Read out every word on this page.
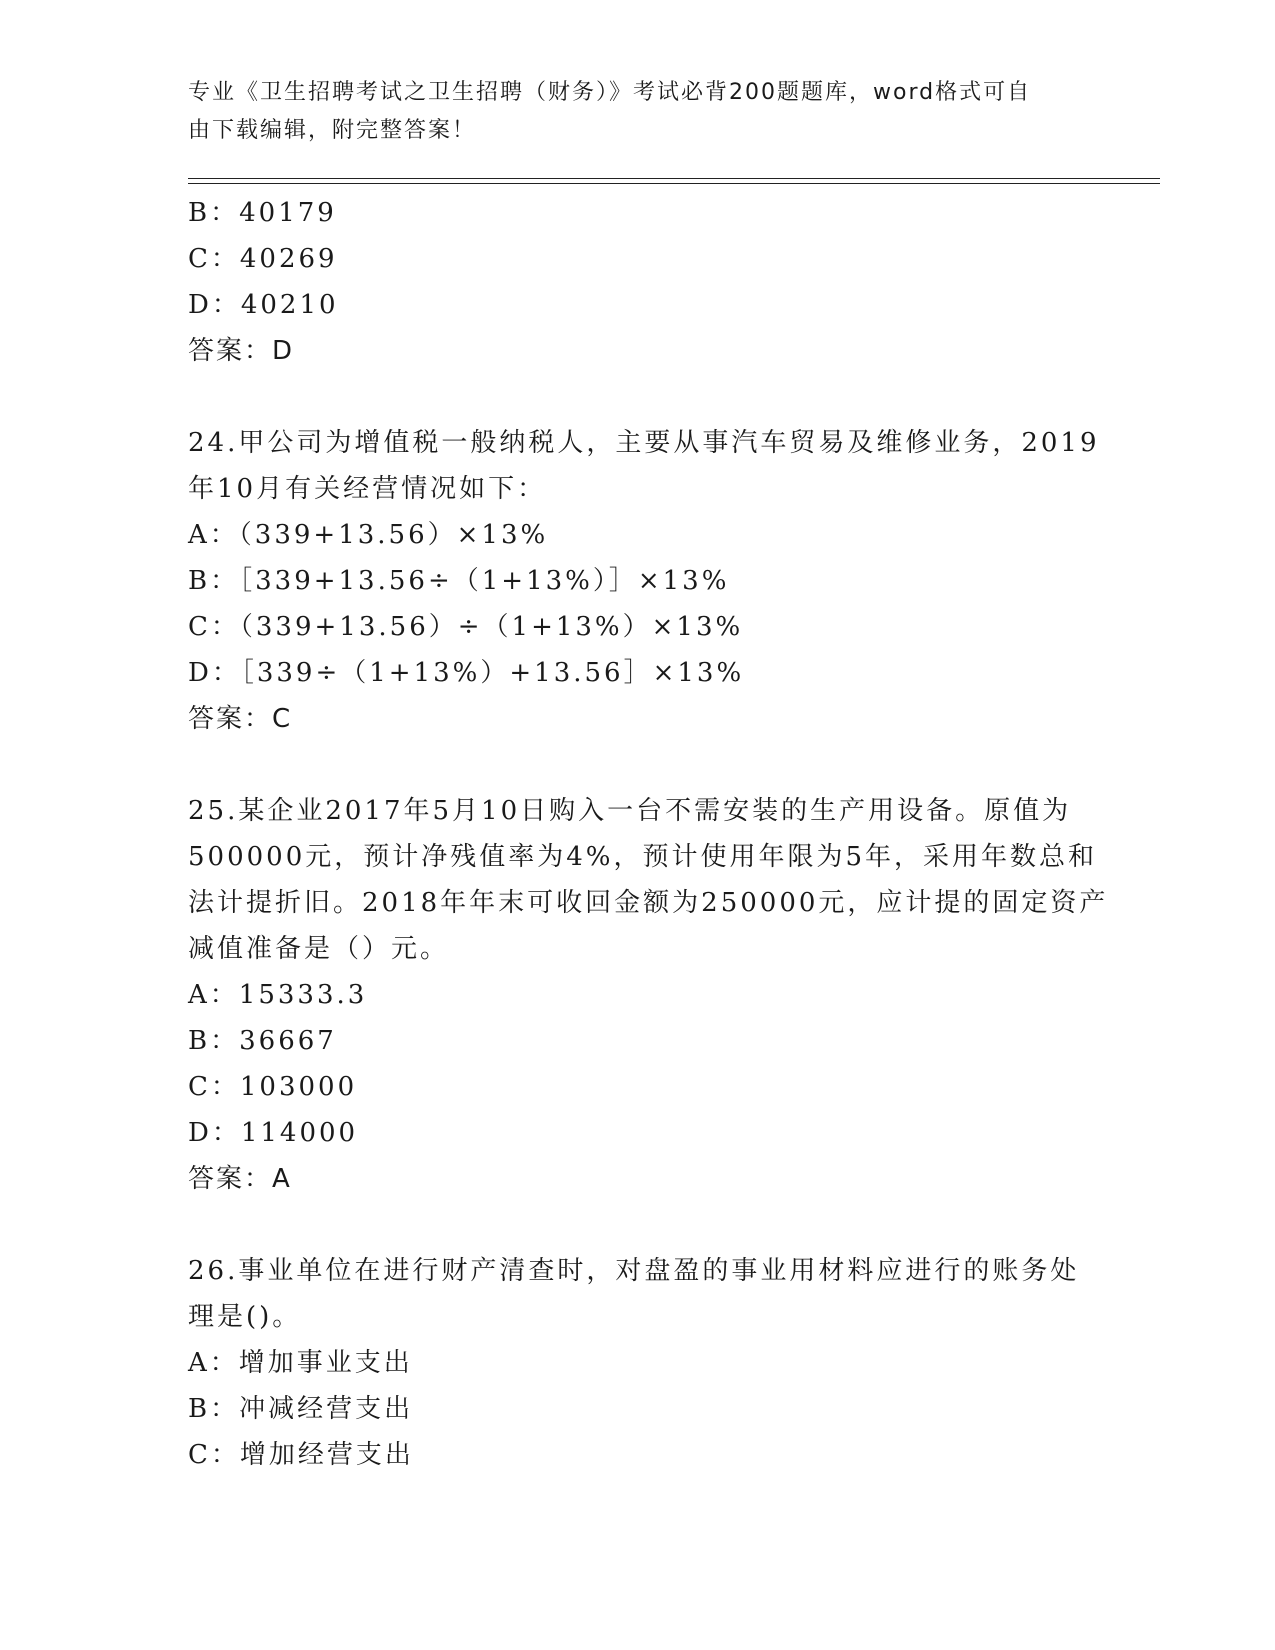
专业《卫生招聘考试之卫生招聘（财务）》考试必背200题题库，word格式可自
由下载编辑，附完整答案！
B：40179
C：40269
D：40210
答案：D
24.甲公司为增值税一般纳税人，主要从事汽车贸易及维修业务，2019
年10月有关经营情况如下：
A：（339+13.56）×13%
B：［339+13.56÷（1+13%）］×13%
C：（339+13.56）÷（1+13%）×13%
D：［339÷（1+13%）+13.56］×13%
答案：C
25.某企业2017年5月10日购入一台不需安装的生产用设备。原值为
500000元，预计净残值率为4%，预计使用年限为5年，采用年数总和
法计提折旧。2018年年末可收回金额为250000元，应计提的固定资产
减值准备是（）元。
A：15333.3
B：36667
C：103000
D：114000
答案：A
26.事业单位在进行财产清查时，对盘盈的事业用材料应进行的账务处
理是()。
A：增加事业支出
B：冲减经营支出
C：增加经营支出
